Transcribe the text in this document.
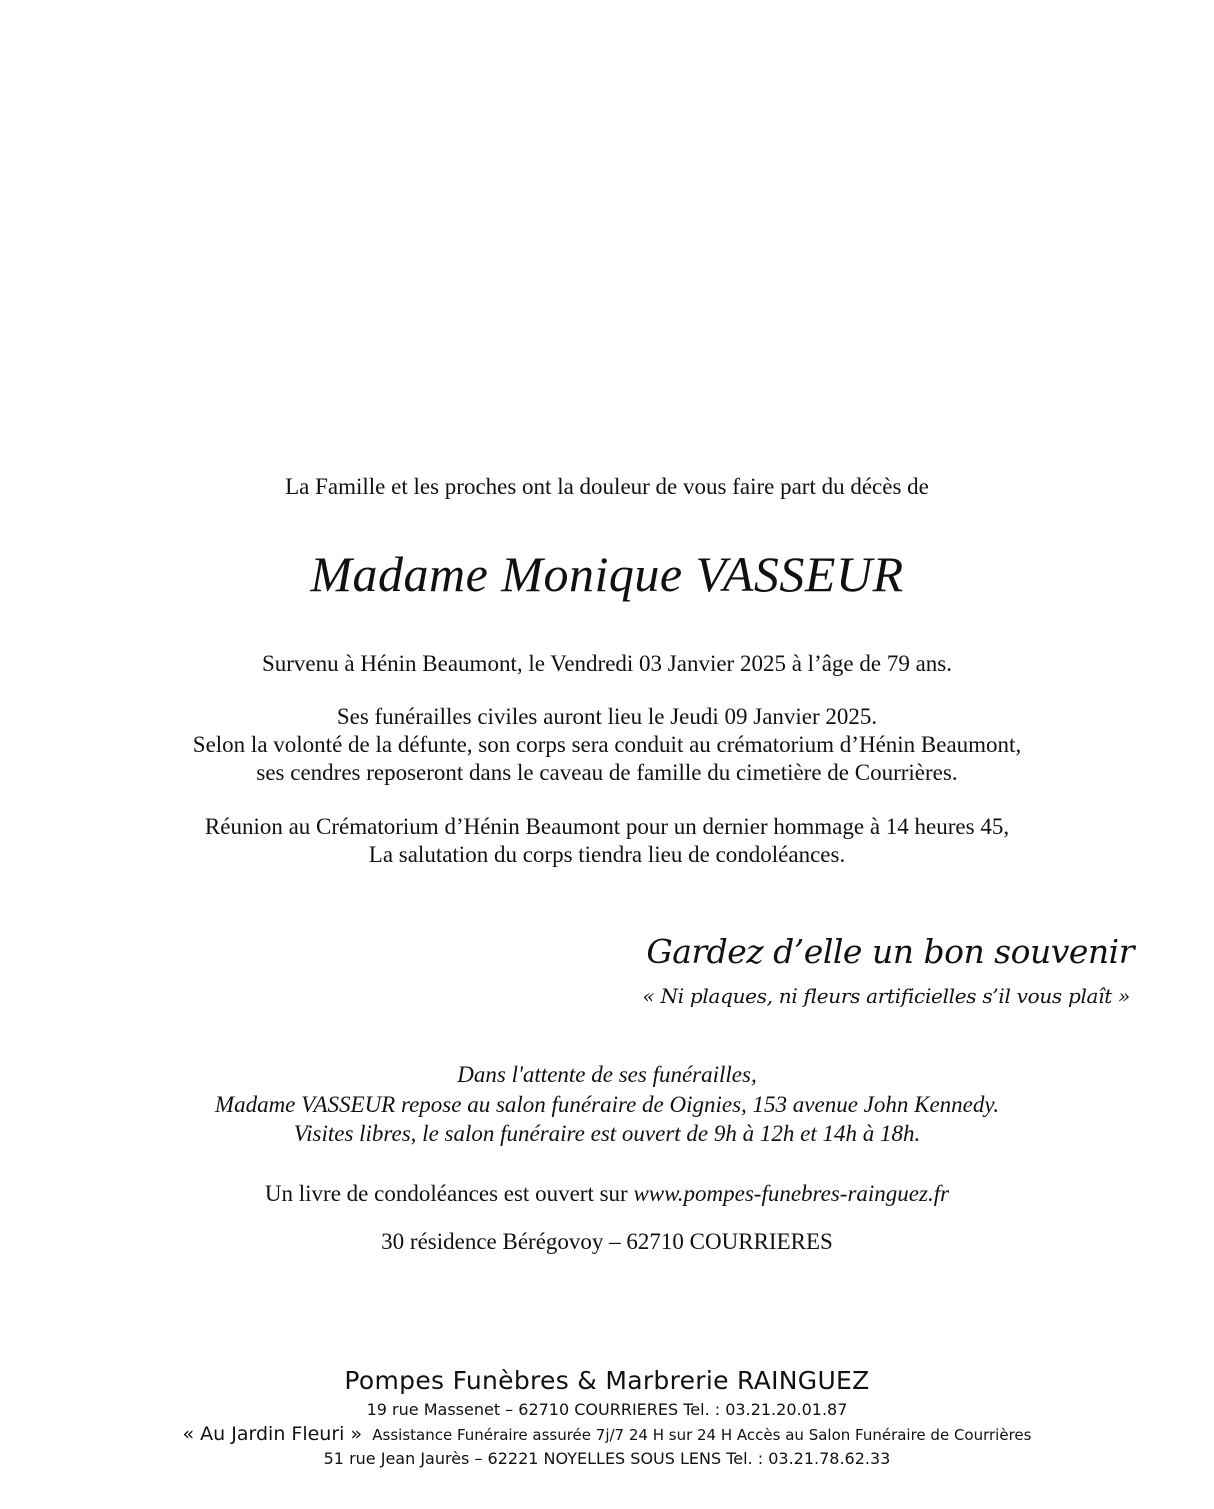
La Famille et les proches ont la douleur de vous faire part du décès de

Madame Monique VASSEUR

Survenu à Hénin Beaumont, le Vendredi 03 Janvier 2025 à l’âge de 79 ans.

Ses funérailles civiles auront lieu le Jeudi 09 Janvier 2025.

Selon la volonté de la défunte, son corps sera conduit au crématorium d’Hénin Beaumont,

ses cendres reposeront dans le caveau de famille du cimetière de Courrières.

Réunion au Crématorium d’Hénin Beaumont pour un dernier hommage à 14 heures 45,

La salutation du corps tiendra lieu de condoléances.

Gardez d’elle un bon souvenir

« Ni plaques, ni fleurs artificielles s’il vous plaît »

Dans l'attente de ses funérailles,

Madame VASSEUR repose au salon funéraire de Oignies, 153 avenue John Kennedy.

Visites libres, le salon funéraire est ouvert de 9h à 12h et 14h à 18h.

Un livre de condoléances est ouvert sur www.pompes-funebres-rainguez.fr

30 résidence Bérégovoy – 62710 COURRIERES

Pompes Funèbres & Marbrerie RAINGUEZ

19 rue Massenet – 62710 COURRIERES Tel. : 03.21.20.01.87

« Au Jardin Fleuri » Assistance Funéraire assurée 7j/7 24 H sur 24 H Accès au Salon Funéraire de Courrières

51 rue Jean Jaurès – 62221 NOYELLES SOUS LENS Tel. : 03.21.78.62.33
